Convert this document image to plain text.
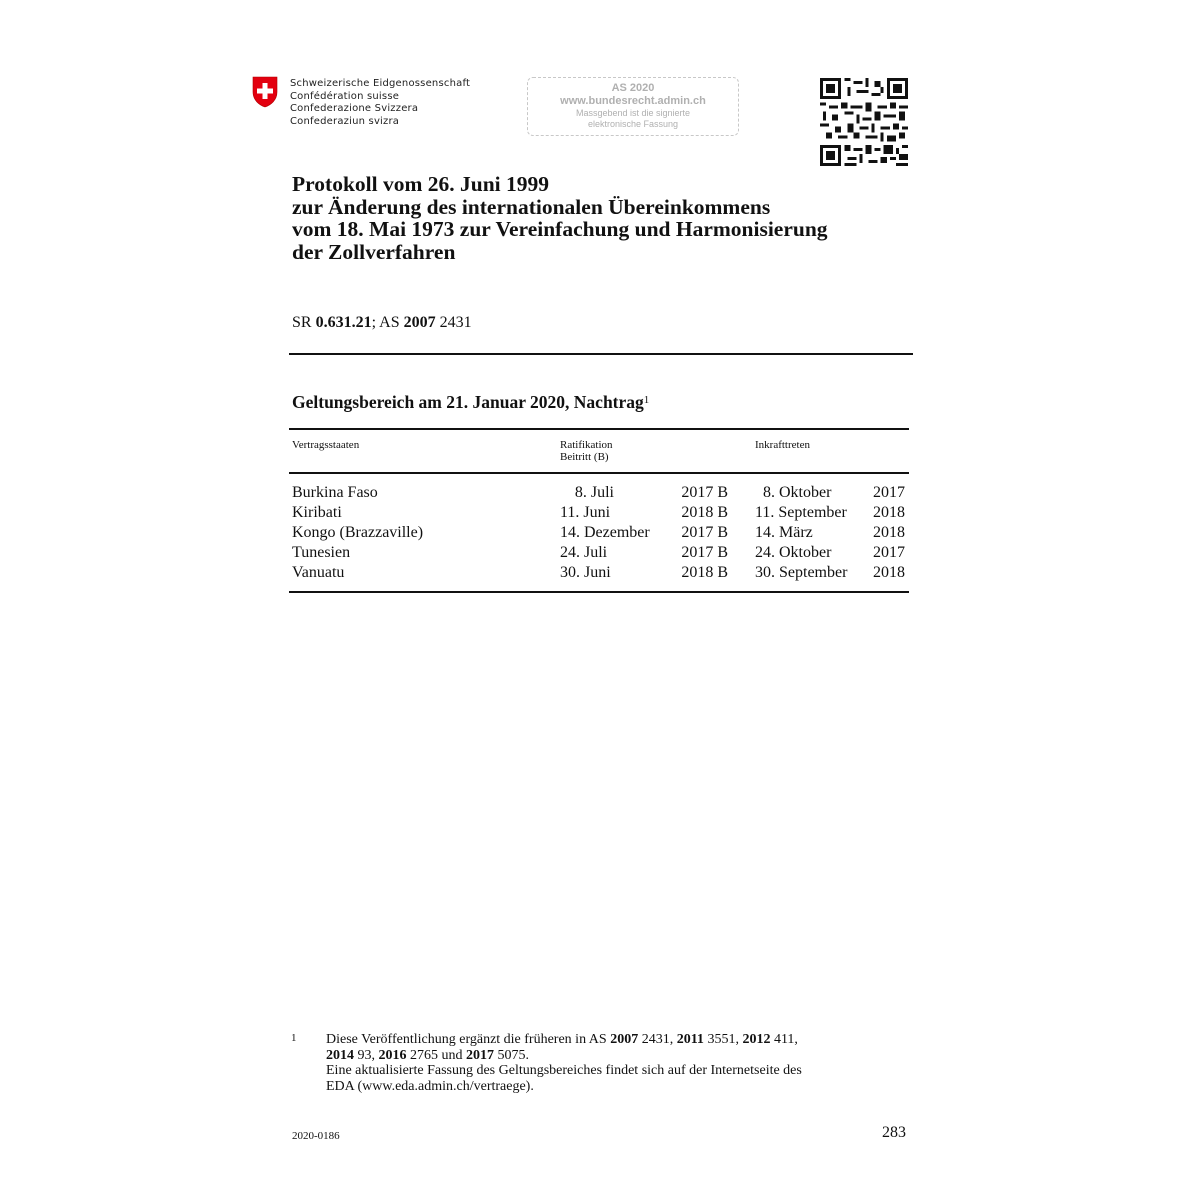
Schweizerische Eidgenossenschaft
Confédération suisse
Confederazione Svizzera
Confederaziun svizra
AS 2020
www.bundesrecht.admin.ch
Massgebend ist die signierte
elektronische Fassung
Protokoll vom 26. Juni 1999
zur Änderung des internationalen Übereinkommens
vom 18. Mai 1973 zur Vereinfachung und Harmonisierung
der Zollverfahren
SR 0.631.21; AS 2007 2431
Geltungsbereich am 21. Januar 2020, Nachtrag$^1$
Vertragsstaaten	Ratifikation
Beitritt (B)
Inkrafttreten
Burkina Faso	8. Juli	2017 B 8. Oktober	2017
Kiribati	11. Juni	2018 B 11. September	2018
Kongo (Brazzaville)	14. Dezember	2017 B 14. März	2018
Tunesien	24. Juli	2017 B 24. Oktober	2017
Vanuatu	30. Juni	2018 B 30. September	2018
1 Diese Veröffentlichung ergänzt die früheren in AS 2007 2431, 2011 3551, 2012 411,
2014 93, 2016 2765 und 2017 5075.
Eine aktualisierte Fassung des Geltungsbereiches findet sich auf der Internetseite des
EDA (www.eda.admin.ch/vertraege).
2020-0186	283
